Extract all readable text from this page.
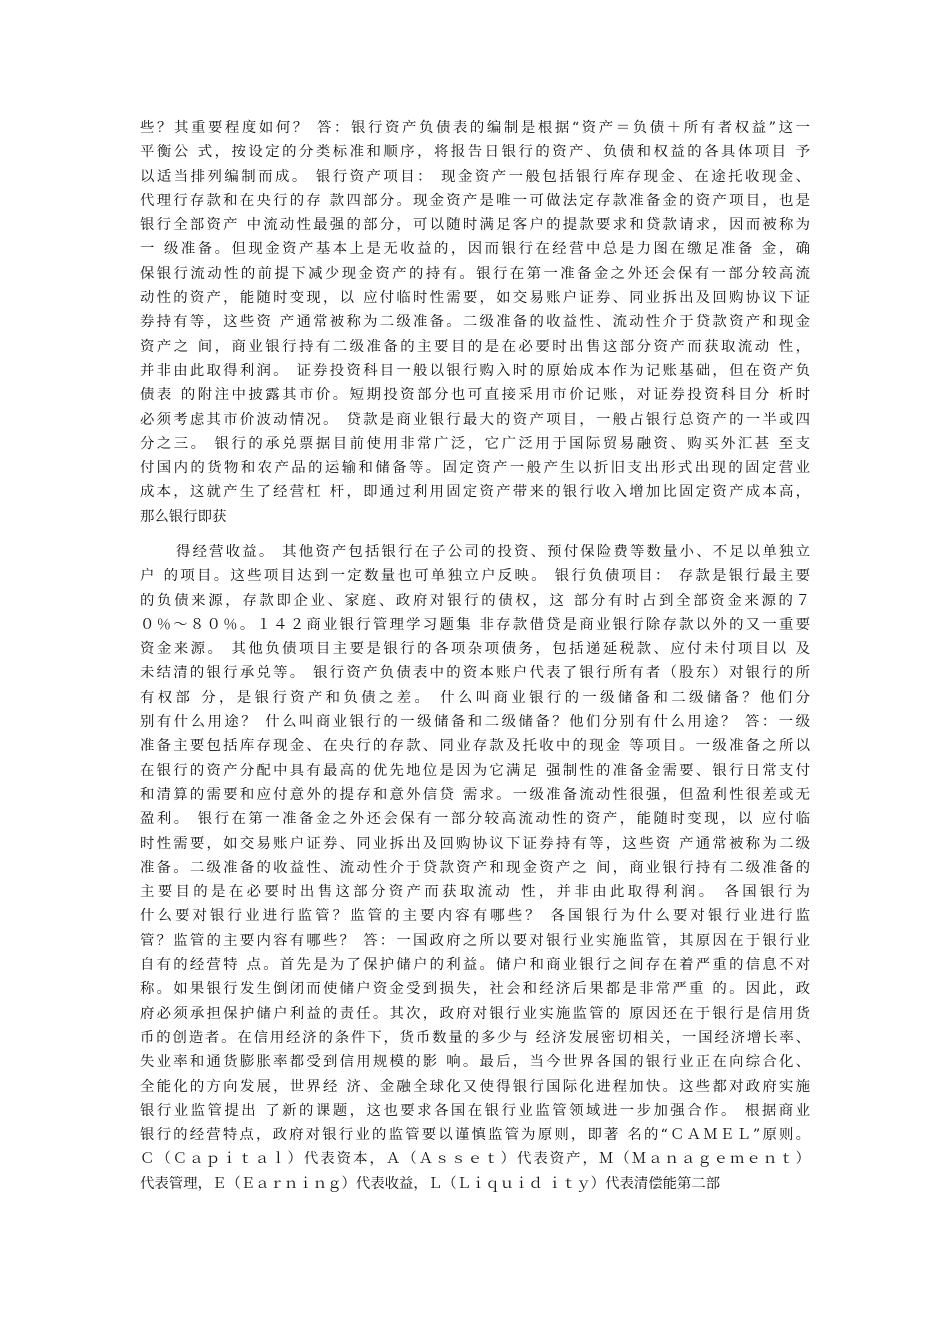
些？其重要程度如何？ 答：银行资产负债表的编制是根据“资产＝负债＋所有者权益”这一
平衡公 式，按设定的分类标准和顺序，将报告日银行的资产、负债和权益的各具体项目 予
以适当排列编制而成。 银行资产项目： 现金资产一般包括银行库存现金、在途托收现金、
代理行存款和在央行的存 款四部分。现金资产是唯一可做法定存款准备金的资产项目，也是
银行全部资产 中流动性最强的部分，可以随时满足客户的提款要求和贷款请求，因而被称为
一 级准备。但现金资产基本上是无收益的，因而银行在经营中总是力图在缴足准备 金，确
保银行流动性的前提下减少现金资产的持有。银行在第一准备金之外还会保有一部分较高流
动性的资产，能随时变现，以 应付临时性需要，如交易账户证券、同业拆出及回购协议下证
券持有等，这些资 产通常被称为二级准备。二级准备的收益性、流动性介于贷款资产和现金
资产之 间，商业银行持有二级准备的主要目的是在必要时出售这部分资产而获取流动 性，
并非由此取得利润。 证券投资科目一般以银行购入时的原始成本作为记账基础，但在资产负
债表 的附注中披露其市价。短期投资部分也可直接采用市价记账，对证券投资科目分 析时
必须考虑其市价波动情况。 贷款是商业银行最大的资产项目，一般占银行总资产的一半或四
分之三。 银行的承兑票据目前使用非常广泛，它广泛用于国际贸易融资、购买外汇甚 至支
付国内的货物和农产品的运输和储备等。固定资产一般产生以折旧支出形式出现的固定营业
成本，这就产生了经营杠 杆，即通过利用固定资产带来的银行收入增加比固定资产成本高，
那么银行即获
得经营收益。 其他资产包括银行在子公司的投资、预付保险费等数量小、不足以单独立
户 的项目。这些项目达到一定数量也可单独立户反映。 银行负债项目： 存款是银行最主要
的负债来源，存款即企业、家庭、政府对银行的债权，这 部分有时占到全部资金来源的７
０％～８０％。１４２商业银行管理学习题集 非存款借贷是商业银行除存款以外的又一重要
资金来源。 其他负债项目主要是银行的各项杂项债务，包括递延税款、应付未付项目以 及
未结清的银行承兑等。 银行资产负债表中的资本账户代表了银行所有者（股东）对银行的所
有权部 分，是银行资产和负债之差。 什么叫商业银行的一级储备和二级储备？他们分
别有什么用途？ 什么叫商业银行的一级储备和二级储备？他们分别有什么用途？ 答：一级
准备主要包括库存现金、在央行的存款、同业存款及托收中的现金 等项目。一级准备之所以
在银行的资产分配中具有最高的优先地位是因为它满足 强制性的准备金需要、银行日常支付
和清算的需要和应付意外的提存和意外信贷 需求。一级准备流动性很强，但盈利性很差或无
盈利。 银行在第一准备金之外还会保有一部分较高流动性的资产，能随时变现，以 应付临
时性需要，如交易账户证券、同业拆出及回购协议下证券持有等，这些资 产通常被称为二级
准备。二级准备的收益性、流动性介于贷款资产和现金资产之 间，商业银行持有二级准备的
主要目的是在必要时出售这部分资产而获取流动 性，并非由此取得利润。 各国银行为
什么要对银行业进行监管？监管的主要内容有哪些？ 各国银行为什么要对银行业进行监
管？监管的主要内容有哪些？ 答：一国政府之所以要对银行业实施监管，其原因在于银行业
自有的经营特 点。首先是为了保护储户的利益。储户和商业银行之间存在着严重的信息不对
称。如果银行发生倒闭而使储户资金受到损失，社会和经济后果都是非常严重 的。因此，政
府必须承担保护储户利益的责任。其次，政府对银行业实施监管的 原因还在于银行是信用货
币的创造者。在信用经济的条件下，货币数量的多少与 经济发展密切相关，一国经济增长率、
失业率和通货膨胀率都受到信用规模的影 响。最后，当今世界各国的银行业正在向综合化、
全能化的方向发展，世界经 济、金融全球化又使得银行国际化进程加快。这些都对政府实施
银行业监管提出 了新的课题，这也要求各国在银行业监管领域进一步加强合作。 根据商业
银行的经营特点，政府对银行业的监管要以谨慎监管为原则，即著 名的“ＣＡＭＥＬ”原则。
Ｃ（Ｃａｐｉｔａｌ）代表资本，Ａ（Ａｓｓｅｔ）代表资产，Ｍ（Ｍａｎａｇｅｍｅｎｔ）
代表管理，Ｅ（Ｅａｒｎｉｎｇ）代表收益，Ｌ（Ｌｉｑｕｉｄ ｉｔｙ）代表清偿能第二部
